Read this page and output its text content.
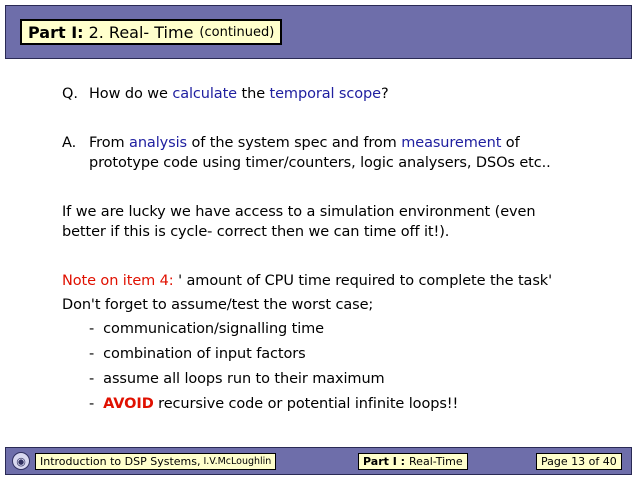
Part I: 2. Real- Time (continued)
Q. How do we calculate the temporal scope?
A. From analysis of the system spec and from measurement of
prototype code using timer/counters, logic analysers, DSOs etc..
If we are lucky we have access to a simulation environment (even
better if this is cycle- correct then we can time off it!).
Note on item 4: ' amount of CPU time required to complete the task'
Don't forget to assume/test the worst case;
- communication/signalling time
- combination of input factors
- assume all loops run to their maximum
- AVOID recursive code or potential infinite loops!!
◉	Introduction to DSP Systems, I.V.McLoughlin	Part I : Real-Time	Page 13 of 40
